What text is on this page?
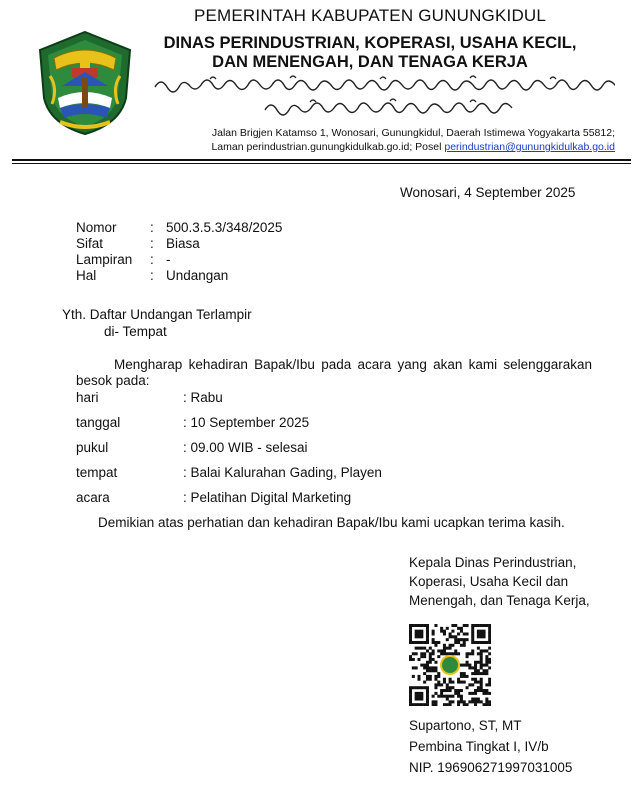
PEMERINTAH KABUPATEN GUNUNGKIDUL
DINAS PERINDUSTRIAN, KOPERASI, USAHA KECIL,
DAN MENENGAH, DAN TENAGA KERJA
Jalan Brigjen Katamso 1, Wonosari, Gunungkidul, Daerah Istimewa Yogyakarta 55812;
Laman perindustrian.gunungkidulkab.go.id; Posel perindustrian@gunungkidulkab.go.id
Wonosari, 4 September 2025
Nomor : 500.3.5.3/348/2025
Sifat	: Biasa
Lampiran : -
Hal	: Undangan
Yth. Daftar Undangan Terlampir
di- Tempat
Mengharap kehadiran Bapak/Ibu pada acara yang akan kami selenggarakan besok pada:
hari	: Rabu
tanggal	: 10 September 2025
pukul	: 09.00 WIB - selesai
tempat	: Balai Kalurahan Gading, Playen
acara	: Pelatihan Digital Marketing
Demikian atas perhatian dan kehadiran Bapak/Ibu kami ucapkan terima kasih.
Kepala Dinas Perindustrian,
Koperasi, Usaha Kecil dan
Menengah, dan Tenaga Kerja,
Supartono, ST, MT
Pembina Tingkat I, IV/b
NIP. 196906271997031005
